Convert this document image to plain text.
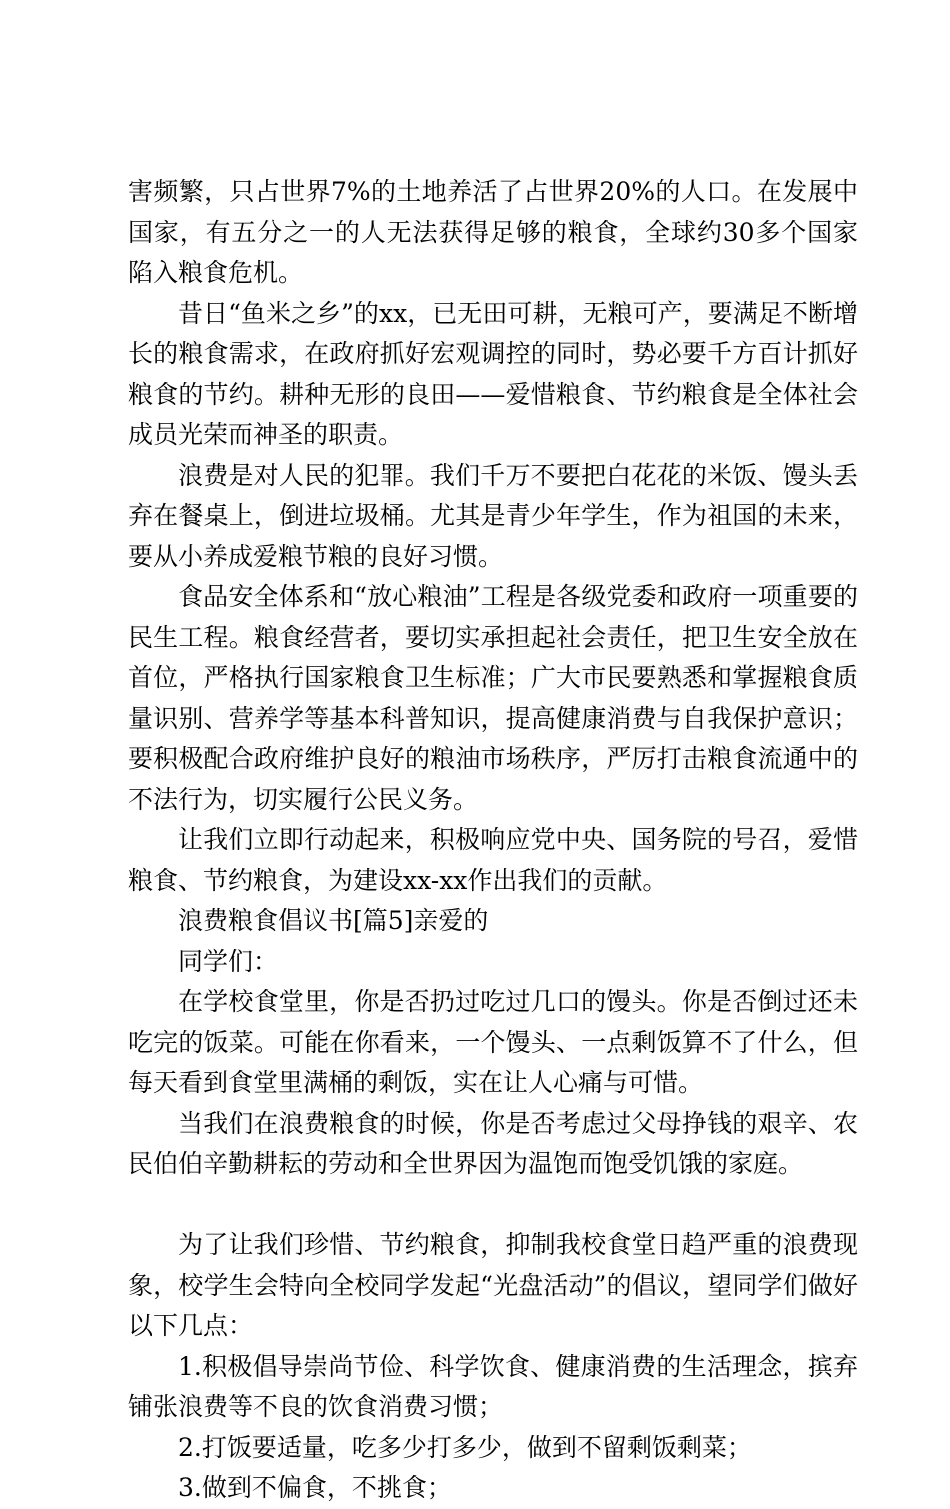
害频繁，只占世界7%的土地养活了占世界20%的人口。在发展中国家，有五分之一的人无法获得足够的粮食，全球约30多个国家陷入粮食危机。

昔日“鱼米之乡”的xx，已无田可耕，无粮可产，要满足不断增长的粮食需求，在政府抓好宏观调控的同时，势必要千方百计抓好粮食的节约。耕种无形的良田——爱惜粮食、节约粮食是全体社会成员光荣而神圣的职责。

浪费是对人民的犯罪。我们千万不要把白花花的米饭、馒头丢弃在餐桌上，倒进垃圾桶。尤其是青少年学生，作为祖国的未来，要从小养成爱粮节粮的良好习惯。

食品安全体系和“放心粮油”工程是各级党委和政府一项重要的民生工程。粮食经营者，要切实承担起社会责任，把卫生安全放在首位，严格执行国家粮食卫生标准；广大市民要熟悉和掌握粮食质量识别、营养学等基本科普知识，提高健康消费与自我保护意识；要积极配合政府维护良好的粮油市场秩序，严厉打击粮食流通中的不法行为，切实履行公民义务。

让我们立即行动起来，积极响应党中央、国务院的号召，爱惜粮食、节约粮食，为建设xx-xx作出我们的贡献。

浪费粮食倡议书[篇5]亲爱的

同学们：

在学校食堂里，你是否扔过吃过几口的馒头。你是否倒过还未吃完的饭菜。可能在你看来，一个馒头、一点剩饭算不了什么，但每天看到食堂里满桶的剩饭，实在让人心痛与可惜。

当我们在浪费粮食的时候，你是否考虑过父母挣钱的艰辛、农民伯伯辛勤耕耘的劳动和全世界因为温饱而饱受饥饿的家庭。

为了让我们珍惜、节约粮食，抑制我校食堂日趋严重的浪费现象，校学生会特向全校同学发起“光盘活动”的倡议，望同学们做好以下几点：

1.积极倡导崇尚节俭、科学饮食、健康消费的生活理念，摈弃铺张浪费等不良的饮食消费习惯；

2.打饭要适量，吃多少打多少，做到不留剩饭剩菜；

3.做到不偏食，不挑食；
